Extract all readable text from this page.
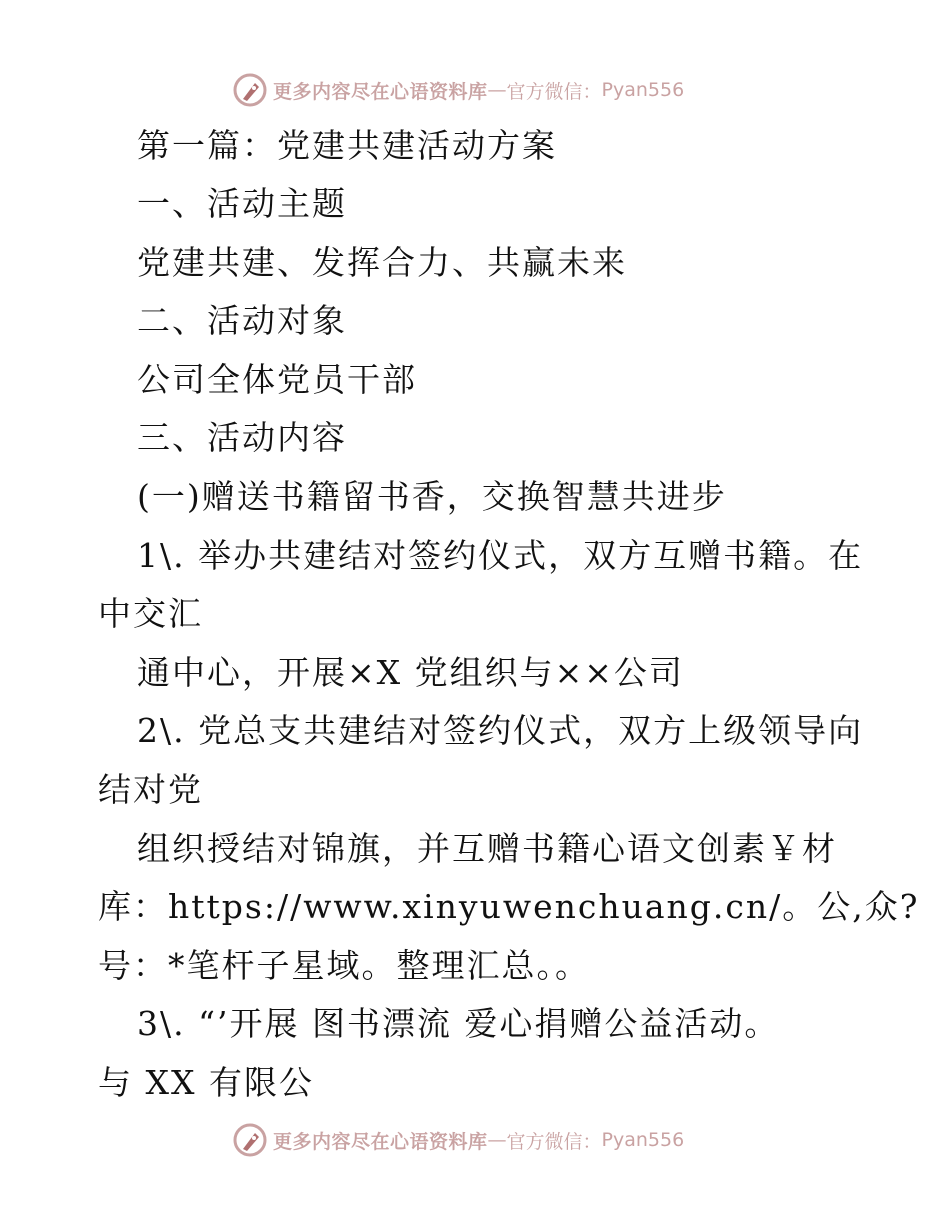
更多内容尽在心语资料库 — 官方微信： Pyan556
第一篇：党建共建活动方案
一、活动主题
党建共建、发挥合力、共赢未来
二、活动对象
公司全体党员干部
三、活动内容
(一)赠送书籍留书香，交换智慧共进步
1\. 举办共建结对签约仪式，双方互赠书籍。在
中交汇
通中心，开展×X 党组织与××公司
2\. 党总支共建结对签约仪式，双方上级领导向
结对党
组织授结对锦旗，并互赠书籍心语文创素￥材
库：https://www.xinyuwenchuang.cn/。公,众?
号：*笔杆子星域。整理汇总。。
3\. “’开展 图书漂流 爱心捐赠公益活动。
与 XX 有限公
更多内容尽在心语资料库 — 官方微信： Pyan556
